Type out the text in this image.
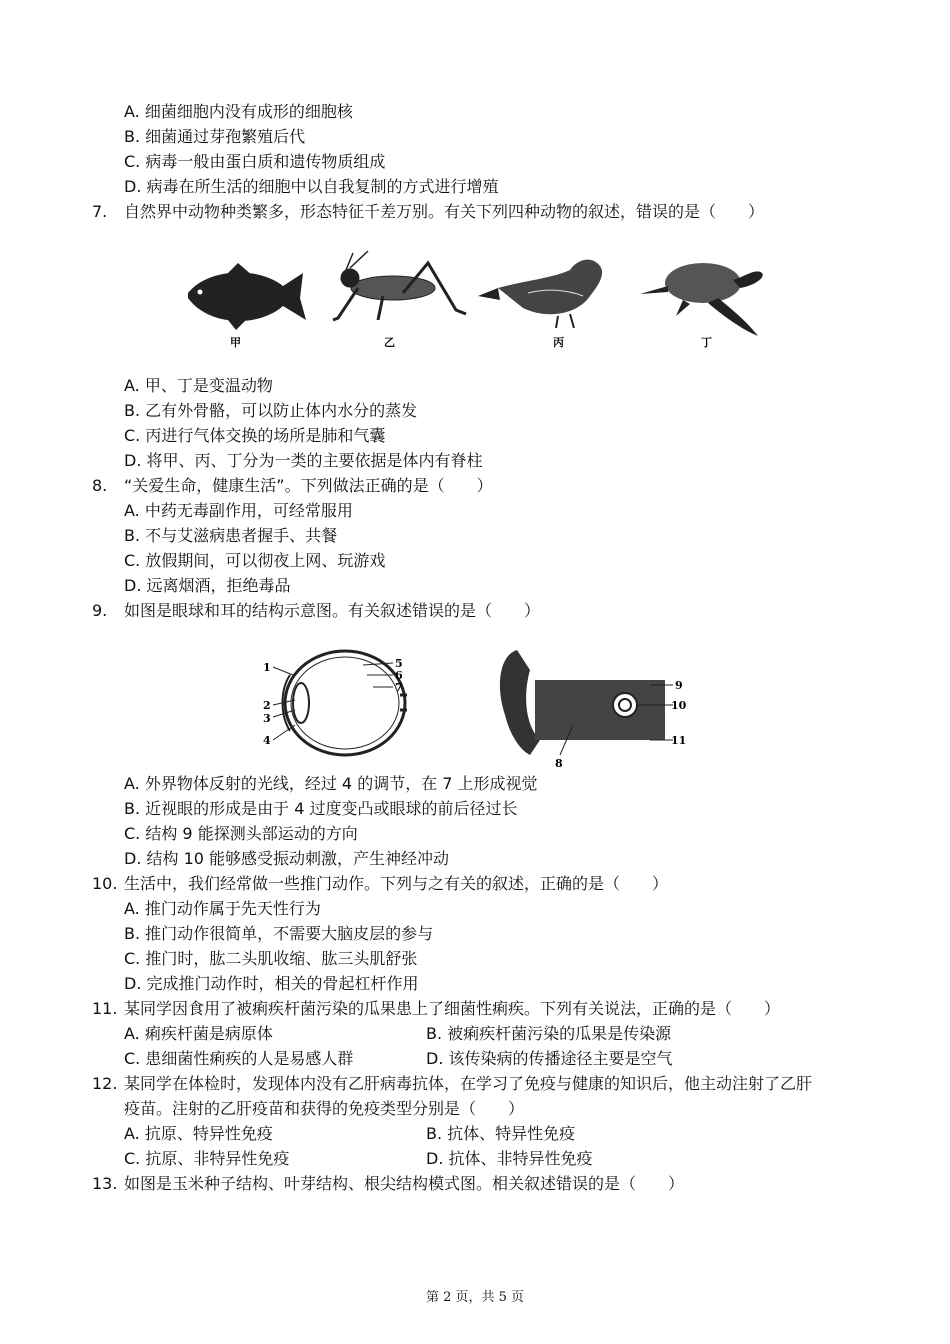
A. 细菌细胞内没有成形的细胞核
B. 细菌通过芽孢繁殖后代
C. 病毒一般由蛋白质和遗传物质组成
D. 病毒在所生活的细胞中以自我复制的方式进行增殖
7. 自然界中动物种类繁多，形态特征千差万别。有关下列四种动物的叙述，错误的是（　　）
甲	乙	丙	丁
A. 甲、丁是变温动物
B. 乙有外骨骼，可以防止体内水分的蒸发
C. 丙进行气体交换的场所是肺和气囊
D. 将甲、丙、丁分为一类的主要依据是体内有脊柱
8. “关爱生命，健康生活”。下列做法正确的是（　　）
A. 中药无毒副作用，可经常服用
B. 不与艾滋病患者握手、共餐
C. 放假期间，可以彻夜上网、玩游戏
D. 远离烟酒，拒绝毒品
9. 如图是眼球和耳的结构示意图。有关叙述错误的是（　　）
1
2
3
4
5
6
7
8
9
10
11
A. 外界物体反射的光线，经过 4 的调节，在 7 上形成视觉
B. 近视眼的形成是由于 4 过度变凸或眼球的前后径过长
C. 结构 9 能探测头部运动的方向
D. 结构 10 能够感受振动刺激，产生神经冲动
10. 生活中，我们经常做一些推门动作。下列与之有关的叙述，正确的是（　　）
A. 推门动作属于先天性行为
B. 推门动作很简单，不需要大脑皮层的参与
C. 推门时，肱二头肌收缩、肱三头肌舒张
D. 完成推门动作时，相关的骨起杠杆作用
11. 某同学因食用了被痢疾杆菌污染的瓜果患上了细菌性痢疾。下列有关说法，正确的是（　　）
A. 痢疾杆菌是病原体	B. 被痢疾杆菌污染的瓜果是传染源
C. 患细菌性痢疾的人是易感人群	D. 该传染病的传播途径主要是空气
12. 某同学在体检时，发现体内没有乙肝病毒抗体，在学习了免疫与健康的知识后，他主动注射了乙肝
疫苗。注射的乙肝疫苗和获得的免疫类型分别是（　　）
A. 抗原、特异性免疫	B. 抗体、特异性免疫
C. 抗原、非特异性免疫	D. 抗体、非特异性免疫
13. 如图是玉米种子结构、叶芽结构、根尖结构模式图。相关叙述错误的是（　　）
第 2 页，共 5 页
